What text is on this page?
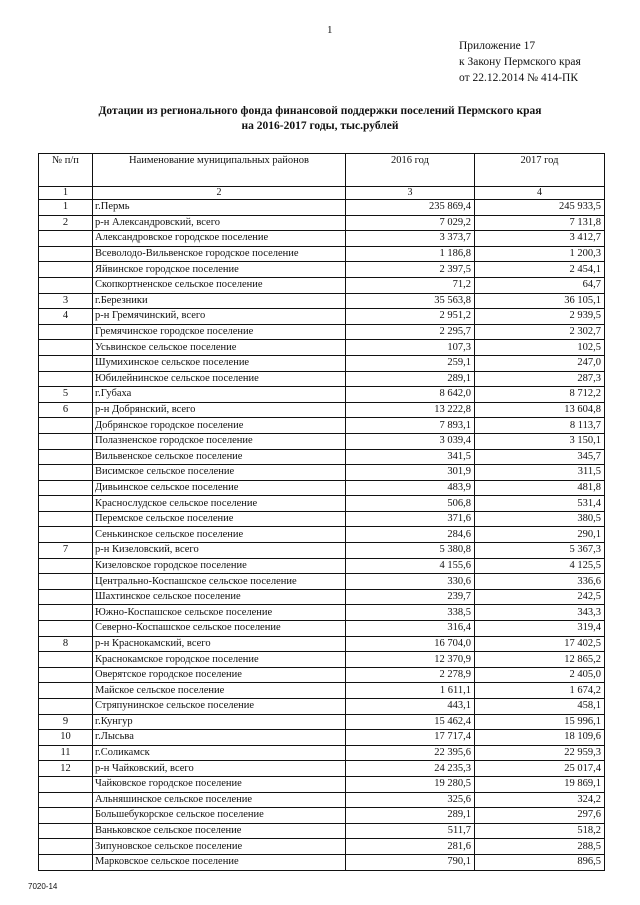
1
Приложение 17
к Закону Пермского края
от 22.12.2014 № 414-ПК
Дотации из регионального фонда финансовой поддержки поселений Пермского края
на 2016-2017 годы, тыс.рублей
№ п/п	Наименование муниципальных районов	2016 год	2017 год
1	2	3	4
1	г.Пермь	235 869,4	245 933,5
2	р-н Александровский, всего	7 029,2	7 131,8
	Александровское городское поселение	3 373,7	3 412,7
	Всеволодо-Вильвенское городское поселение	1 186,8	1 200,3
	Яйвинское городское поселение	2 397,5	2 454,1
	Скопкортненское сельское поселение	71,2	64,7
3	г.Березники	35 563,8	36 105,1
4	р-н Гремячинский, всего	2 951,2	2 939,5
	Гремячинское городское поселение	2 295,7	2 302,7
	Усьвинское сельское поселение	107,3	102,5
	Шумихинское сельское поселение	259,1	247,0
	Юбилейнинское сельское поселение	289,1	287,3
5	г.Губаха	8 642,0	8 712,2
6	р-н Добрянский, всего	13 222,8	13 604,8
	Добрянское городское поселение	7 893,1	8 113,7
	Полазненское городское поселение	3 039,4	3 150,1
	Вильвенское сельское поселение	341,5	345,7
	Висимское сельское поселение	301,9	311,5
	Дивьинское сельское поселение	483,9	481,8
	Краснослудское сельское поселение	506,8	531,4
	Перемское сельское поселение	371,6	380,5
	Сенькинское сельское поселение	284,6	290,1
7	р-н Кизеловский, всего	5 380,8	5 367,3
	Кизеловское городское поселение	4 155,6	4 125,5
	Центрально-Коспашское сельское поселение	330,6	336,6
	Шахтинское сельское поселение	239,7	242,5
	Южно-Коспашское сельское поселение	338,5	343,3
	Северно-Коспашское сельское поселение	316,4	319,4
8	р-н Краснокамский, всего	16 704,0	17 402,5
	Краснокамское городское поселение	12 370,9	12 865,2
	Оверятское городское поселение	2 278,9	2 405,0
	Майское сельское поселение	1 611,1	1 674,2
	Стряпунинское сельское поселение	443,1	458,1
9	г.Кунгур	15 462,4	15 996,1
10	г.Лысьва	17 717,4	18 109,6
11	г.Соликамск	22 395,6	22 959,3
12	р-н Чайковский, всего	24 235,3	25 017,4
	Чайковское городское поселение	19 280,5	19 869,1
	Альняшинское сельское поселение	325,6	324,2
	Большебукорское сельское поселение	289,1	297,6
	Ваньковское сельское поселение	511,7	518,2
	Зипуновское сельское поселение	281,6	288,5
	Марковское сельское поселение	790,1	896,5
7020-14
